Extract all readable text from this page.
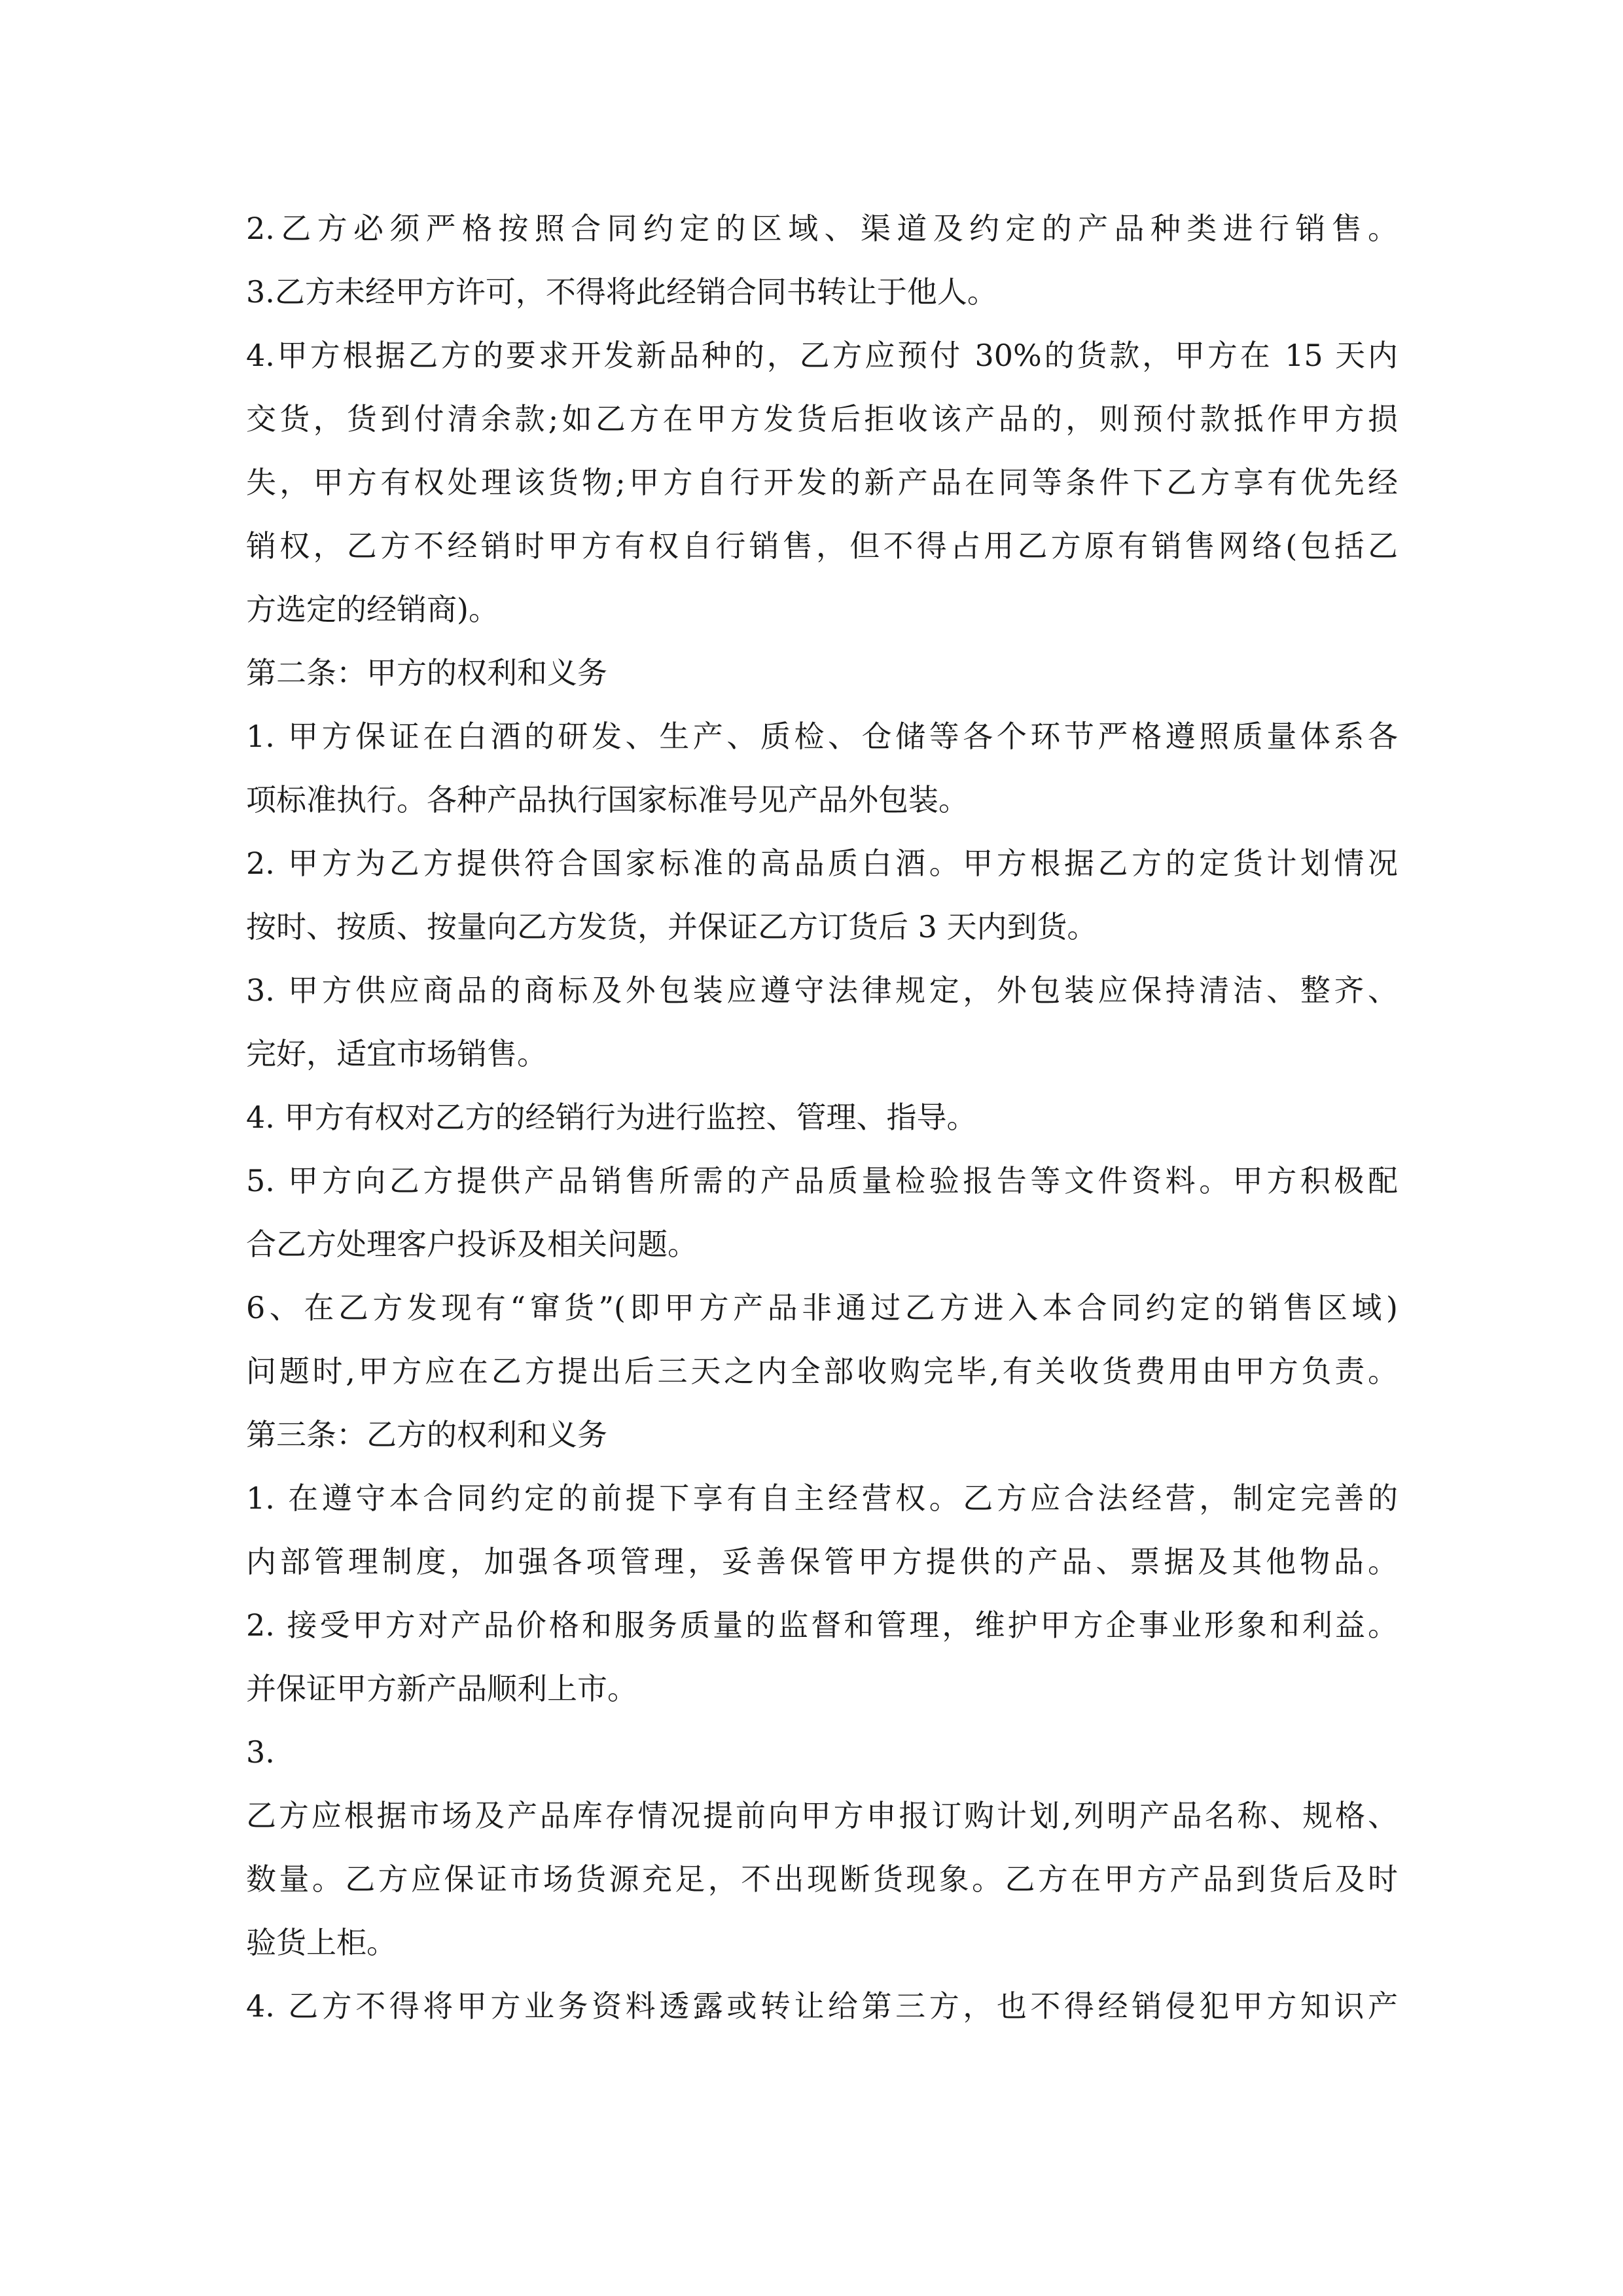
2.乙方必须严格按照合同约定的区域、渠道及约定的产品种类进行销售。
3.乙方未经甲方许可，不得将此经销合同书转让于他人。
4.甲方根据乙方的要求开发新品种的，乙方应预付 30%的货款，甲方在 15 天内
交货，货到付清余款;如乙方在甲方发货后拒收该产品的，则预付款抵作甲方损
失，甲方有权处理该货物;甲方自行开发的新产品在同等条件下乙方享有优先经
销权，乙方不经销时甲方有权自行销售，但不得占用乙方原有销售网络(包括乙
方选定的经销商)。
第二条：甲方的权利和义务
1. 甲方保证在白酒的研发、生产、质检、仓储等各个环节严格遵照质量体系各
项标准执行。各种产品执行国家标准号见产品外包装。
2. 甲方为乙方提供符合国家标准的高品质白酒。甲方根据乙方的定货计划情况
按时、按质、按量向乙方发货，并保证乙方订货后 3 天内到货。
3. 甲方供应商品的商标及外包装应遵守法律规定，外包装应保持清洁、整齐、
完好，适宜市场销售。
4. 甲方有权对乙方的经销行为进行监控、管理、指导。
5. 甲方向乙方提供产品销售所需的产品质量检验报告等文件资料。甲方积极配
合乙方处理客户投诉及相关问题。
6、在乙方发现有“窜货”(即甲方产品非通过乙方进入本合同约定的销售区域)
问题时,甲方应在乙方提出后三天之内全部收购完毕,有关收货费用由甲方负责。
第三条：乙方的权利和义务
1. 在遵守本合同约定的前提下享有自主经营权。乙方应合法经营，制定完善的
内部管理制度，加强各项管理，妥善保管甲方提供的产品、票据及其他物品。
2. 接受甲方对产品价格和服务质量的监督和管理，维护甲方企事业形象和利益。
并保证甲方新产品顺利上市。
3.
乙方应根据市场及产品库存情况提前向甲方申报订购计划,列明产品名称、规格、
数量。乙方应保证市场货源充足，不出现断货现象。乙方在甲方产品到货后及时
验货上柜。
4. 乙方不得将甲方业务资料透露或转让给第三方，也不得经销侵犯甲方知识产
